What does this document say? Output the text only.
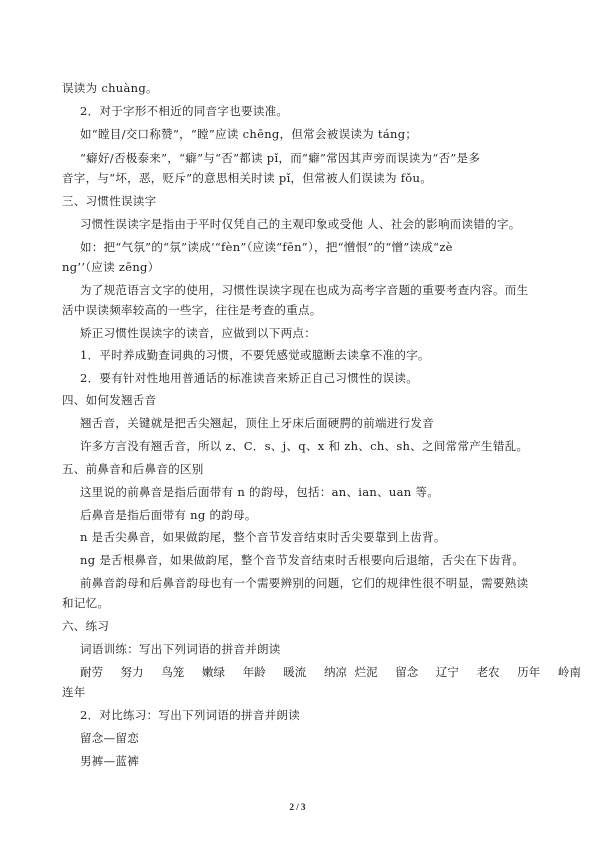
误读为 chuàng。
2．对于字形不相近的同音字也要读准。
如“瞠目/交口称赞”，“瞠”应读 chēng，但常会被误读为 táng；
“癖好/否极泰来”，“癖”与“否”都读 pǐ，而“癖”常因其声旁而误读为“否”是多
音字，与“坏，恶，贬斥”的意思相关时读 pǐ，但常被人们误读为 fǒu。
三、习惯性误读字
习惯性误读字是指由于平时仅凭自己的主观印象或受他 人、社会的影响而读错的字。
如：把“气氛”的“氛”读成‘“fèn”（应读“fēn”），把“憎恨”的“憎”读成“zè
ng’’（应读 zēng）
为了规范语言文字的使用，习惯性误读字现在也成为高考字音题的重要考查内容。而生
活中误读频率较高的一些字，往往是考查的重点。
矫正习惯性误读字的读音，应做到以下两点：
1．平时养成勤查词典的习惯，不要凭感觉或臆断去读拿不准的字。
2．要有针对性地用普通话的标准读音来矫正自己习惯性的误读。
四、如何发翘舌音
翘舌音，关键就是把舌尖翘起，顶住上牙床后面硬腭的前端进行发音
许多方言没有翘舌音，所以 z、C．s、j、q、x 和 zh、ch、sh、之间常常产生错乱。
五、前鼻音和后鼻音的区别
这里说的前鼻音是指后面带有 n 的韵母，包括：an、ian、uan 等。
后鼻音是指后面带有 ng 的韵母。
n 是舌尖鼻音，如果做韵尾，整个音节发音结束时舌尖要靠到上齿背。
ng 是舌根鼻音，如果做韵尾，整个音节发音结束时舌根要向后退缩，舌尖在下齿背。
前鼻音韵母和后鼻音韵母也有一个需要辨别的问题，它们的规律性很不明显，需要熟读
和记忆。
六、练习
词语训练：写出下列词语的拼音并朗读
耐劳 努力 鸟笼 嫩绿 年龄 暖流 纳凉 烂泥 留念 辽宁 老农 历年 岭南
连年
2．对比练习：写出下列词语的拼音并朗读
留念—留恋
男裤—蓝裤
2 / 3
